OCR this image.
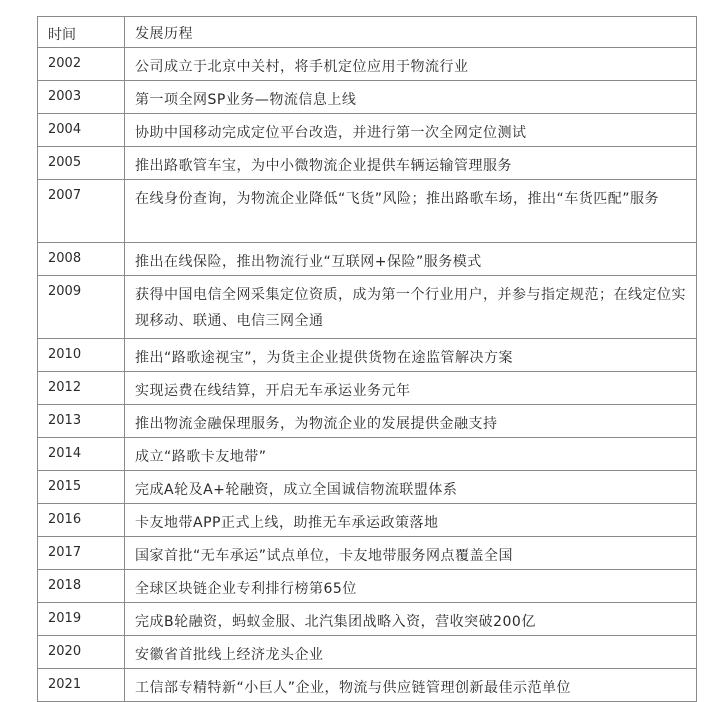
时间	发展历程
2002	公司成立于北京中关村，将手机定位应用于物流行业
2003	第一项全网SP业务—物流信息上线
2004	协助中国移动完成定位平台改造，并进行第一次全网定位测试
2005	推出路歌管车宝，为中小微物流企业提供车辆运输管理服务
2007	在线身份查询，为物流企业降低“飞货”风险；推出路歌车场，推出“车货匹配”服务
2008	推出在线保险，推出物流行业“互联网+保险”服务模式
2009	获得中国电信全网采集定位资质，成为第一个行业用户，并参与指定规范；在线定位实现移动、联通、电信三网全通
2010	推出“路歌途视宝”，为货主企业提供货物在途监管解决方案
2012	实现运费在线结算，开启无车承运业务元年
2013	推出物流金融保理服务，为物流企业的发展提供金融支持
2014	成立“路歌卡友地带”
2015	完成A轮及A+轮融资，成立全国诚信物流联盟体系
2016	卡友地带APP正式上线，助推无车承运政策落地
2017	国家首批“无车承运”试点单位，卡友地带服务网点覆盖全国
2018	全球区块链企业专利排行榜第65位
2019	完成B轮融资，蚂蚁金服、北汽集团战略入资，营收突破200亿
2020	安徽省首批线上经济龙头企业
2021	工信部专精特新“小巨人”企业，物流与供应链管理创新最佳示范单位
